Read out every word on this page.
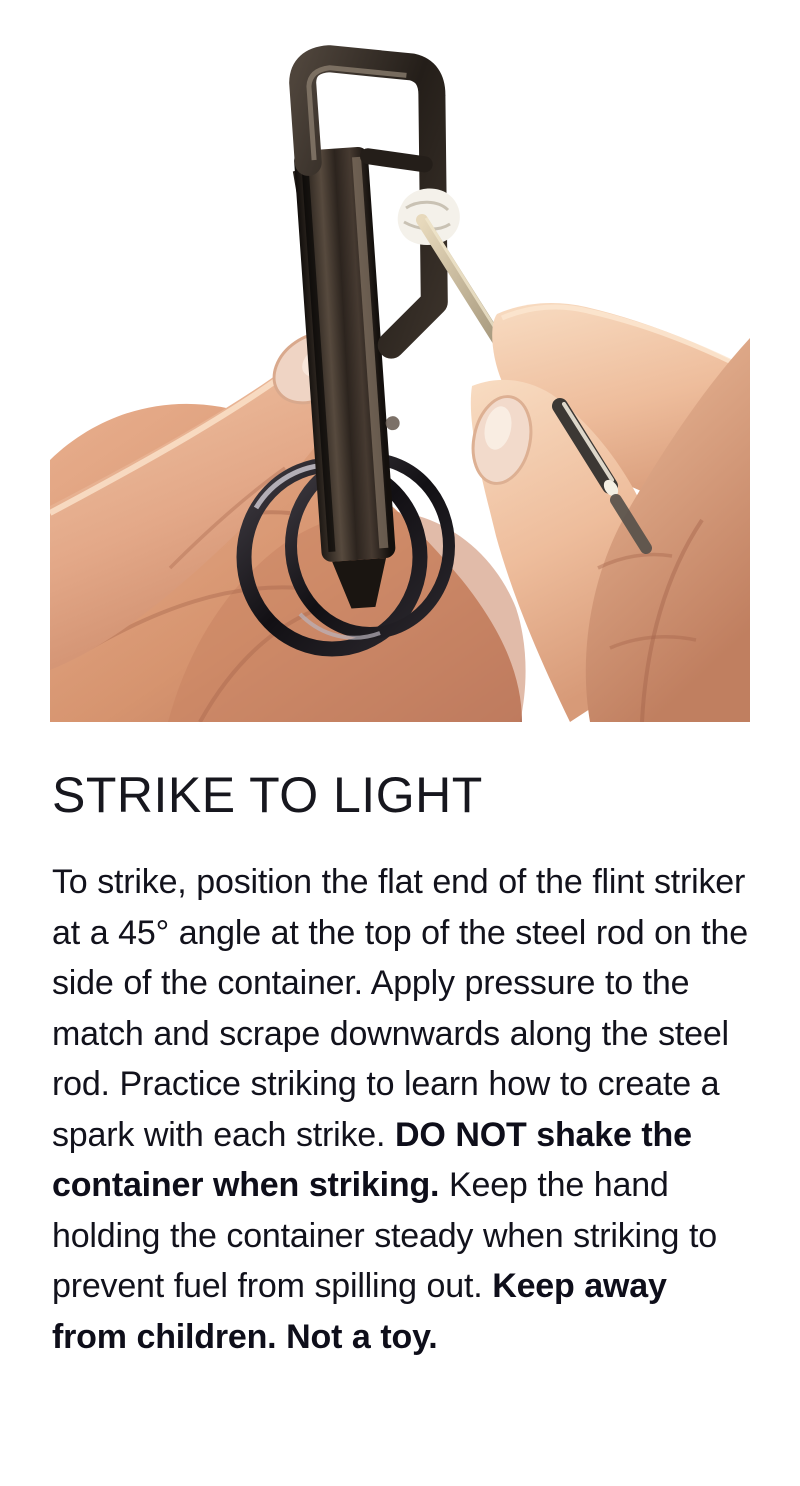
STRIKE TO LIGHT

To strike, position the flat end of the flint striker at a 45° angle at the top of the steel rod on the side of the container. Apply pressure to the match and scrape downwards along the steel rod. Practice striking to learn how to create a spark with each strike. DO NOT shake the container when striking. Keep the hand holding the container steady when striking to prevent fuel from spilling out. Keep away from children. Not a toy.
